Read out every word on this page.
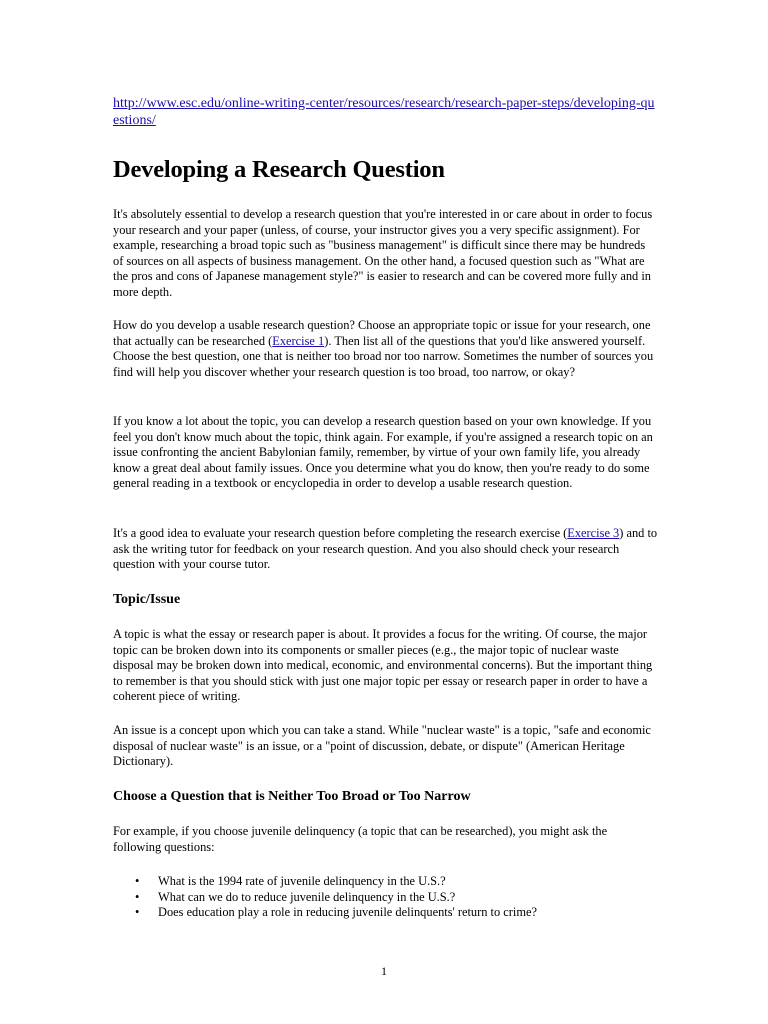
http://www.esc.edu/online-writing-center/resources/research/research-paper-steps/developing-questions/
Developing a Research Question

It's absolutely essential to develop a research question that you're interested in or care about in order to focus your research and your paper (unless, of course, your instructor gives you a very specific assignment). For example, researching a broad topic such as "business management" is difficult since there may be hundreds of sources on all aspects of business management. On the other hand, a focused question such as "What are the pros and cons of Japanese management style?" is easier to research and can be covered more fully and in more depth.

How do you develop a usable research question? Choose an appropriate topic or issue for your research, one that actually can be researched (Exercise 1). Then list all of the questions that you'd like answered yourself. Choose the best question, one that is neither too broad nor too narrow. Sometimes the number of sources you find will help you discover whether your research question is too broad, too narrow, or okay?

If you know a lot about the topic, you can develop a research question based on your own knowledge. If you feel you don't know much about the topic, think again. For example, if you're assigned a research topic on an issue confronting the ancient Babylonian family, remember, by virtue of your own family life, you already know a great deal about family issues. Once you determine what you do know, then you're ready to do some general reading in a textbook or encyclopedia in order to develop a usable research question.

It's a good idea to evaluate your research question before completing the research exercise (Exercise 3) and to ask the writing tutor for feedback on your research question. And you also should check your research question with your course tutor.

Topic/Issue

A topic is what the essay or research paper is about. It provides a focus for the writing. Of course, the major topic can be broken down into its components or smaller pieces (e.g., the major topic of nuclear waste disposal may be broken down into medical, economic, and environmental concerns). But the important thing to remember is that you should stick with just one major topic per essay or research paper in order to have a coherent piece of writing.

An issue is a concept upon which you can take a stand. While "nuclear waste" is a topic, "safe and economic disposal of nuclear waste" is an issue, or a "point of discussion, debate, or dispute" (American Heritage Dictionary).

Choose a Question that is Neither Too Broad or Too Narrow

For example, if you choose juvenile delinquency (a topic that can be researched), you might ask the following questions:

• What is the 1994 rate of juvenile delinquency in the U.S.?
• What can we do to reduce juvenile delinquency in the U.S.?
• Does education play a role in reducing juvenile delinquents' return to crime?
1
